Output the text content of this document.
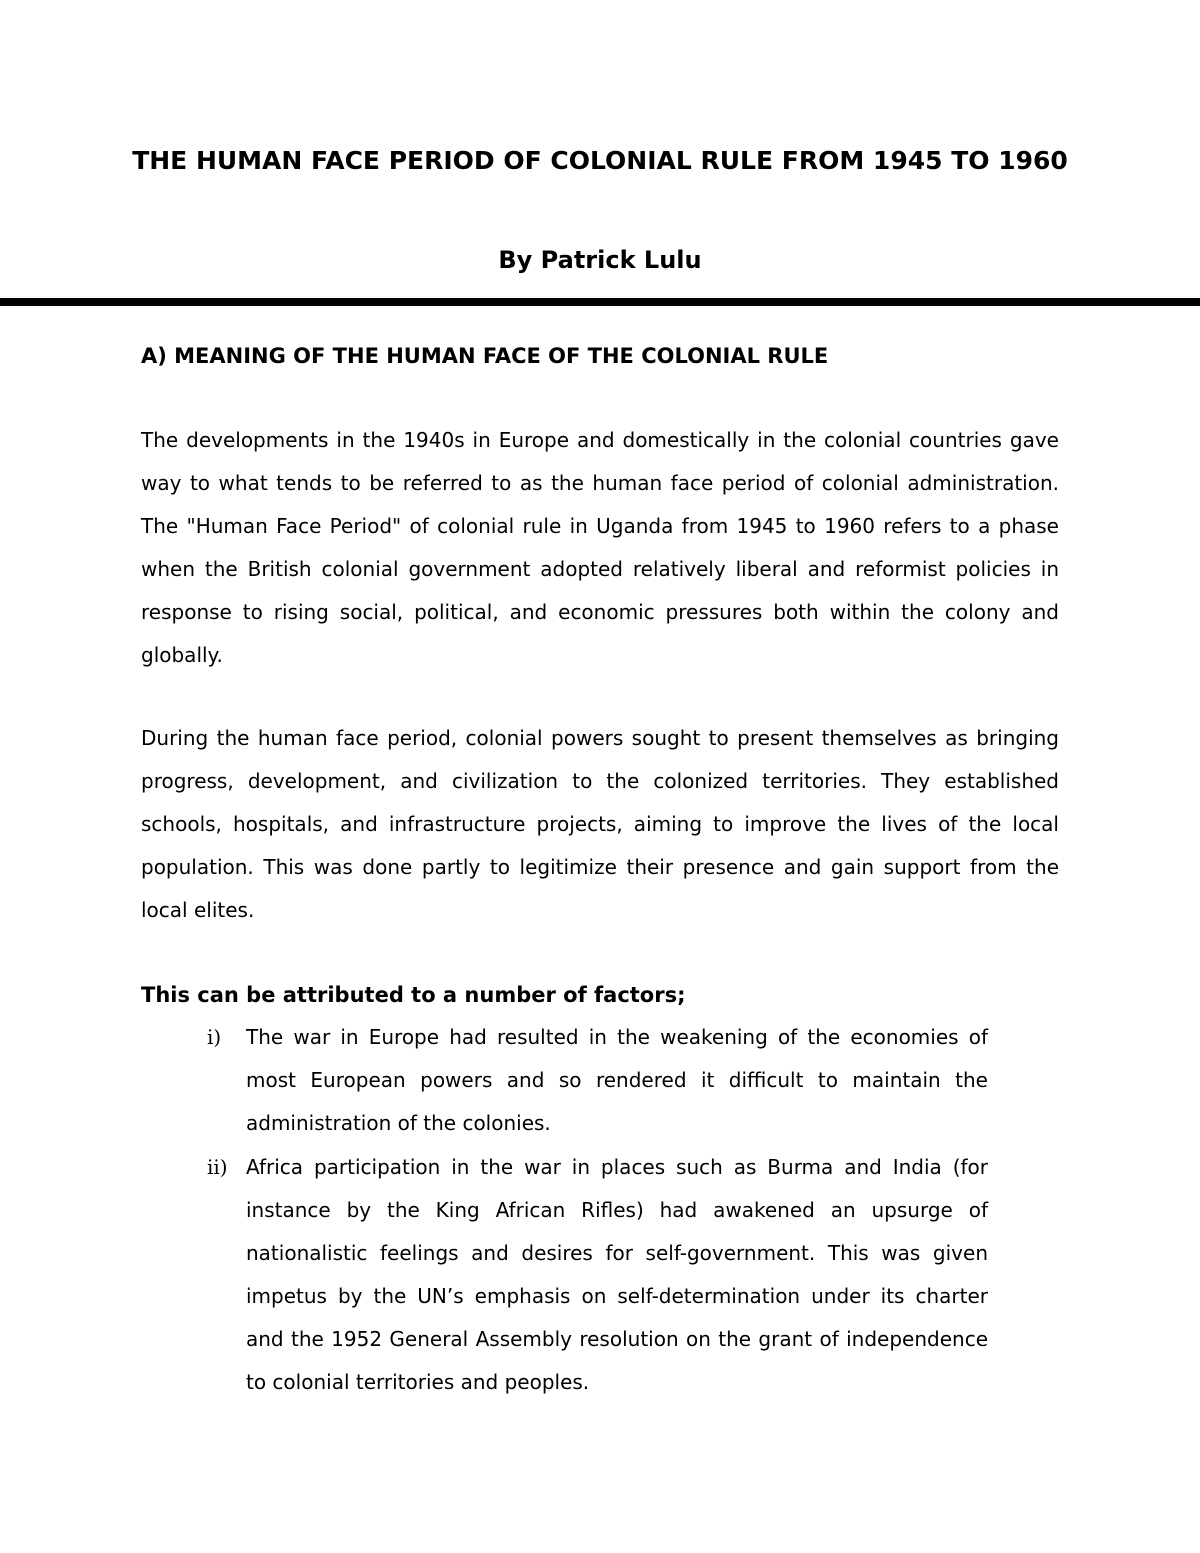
THE HUMAN FACE PERIOD OF COLONIAL RULE FROM 1945 TO 1960

By Patrick Lulu

A) MEANING OF THE HUMAN FACE OF THE COLONIAL RULE

The developments in the 1940s in Europe and domestically in the colonial countries gave way to what tends to be referred to as the human face period of colonial administration. The "Human Face Period" of colonial rule in Uganda from 1945 to 1960 refers to a phase when the British colonial government adopted relatively liberal and reformist policies in response to rising social, political, and economic pressures both within the colony and globally.

During the human face period, colonial powers sought to present themselves as bringing progress, development, and civilization to the colonized territories. They established schools, hospitals, and infrastructure projects, aiming to improve the lives of the local population. This was done partly to legitimize their presence and gain support from the local elites.

This can be attributed to a number of factors;
i) The war in Europe had resulted in the weakening of the economies of most European powers and so rendered it difficult to maintain the administration of the colonies.

ii) Africa participation in the war in places such as Burma and India (for instance by the King African Rifles) had awakened an upsurge of nationalistic feelings and desires for self-government. This was given impetus by the UN’s emphasis on self-determination under its charter and the 1952 General Assembly resolution on the grant of independence to colonial territories and peoples.
